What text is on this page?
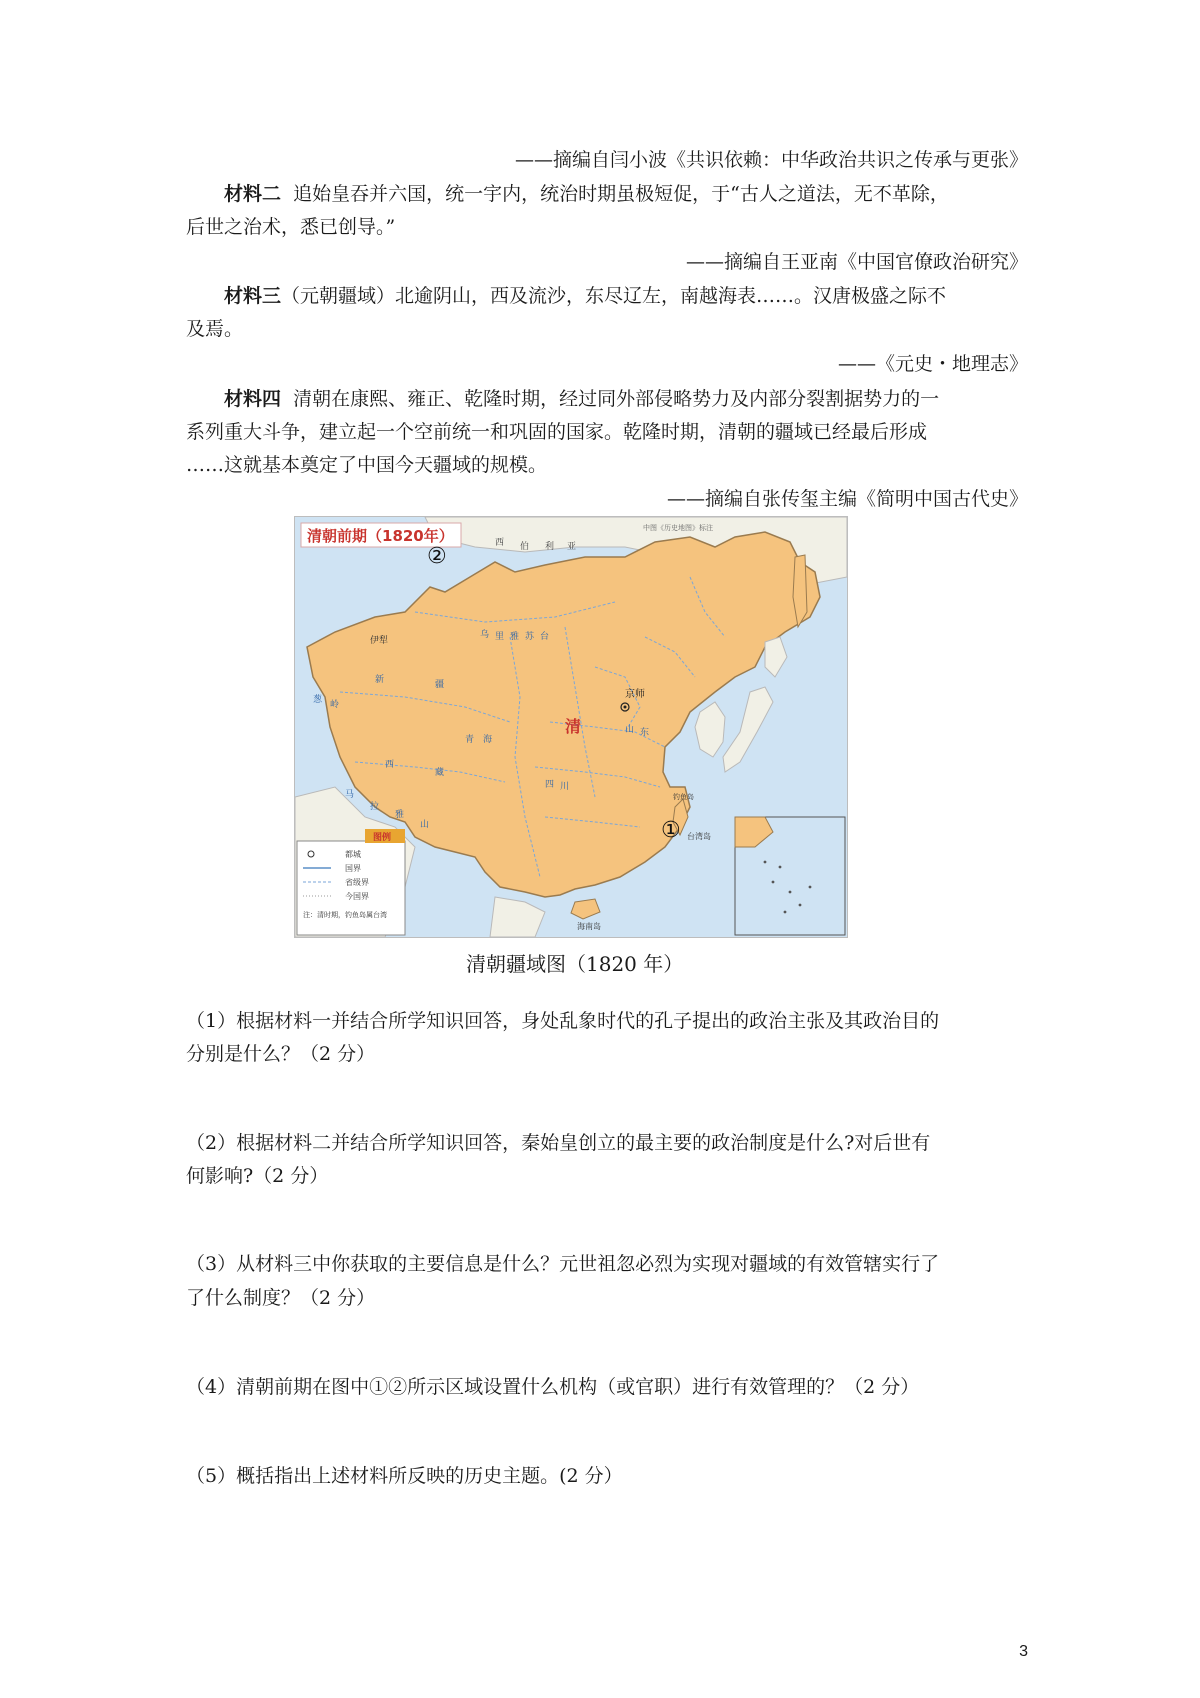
——摘编自闫小波《共识依赖：中华政治共识之传承与更张》
材料二 追始皇吞并六国，统一宇内，统治时期虽极短促，于“古人之道法，无不革除，
后世之治术，悉已创导。”
——摘编自王亚南《中国官僚政治研究》
材料三（元朝疆域）北逾阴山，西及流沙，东尽辽左，南越海表……。汉唐极盛之际不
及焉。
——《元史・地理志》
材料四 清朝在康熙、雍正、乾隆时期，经过同外部侵略势力及内部分裂割据势力的一
系列重大斗争，建立起一个空前统一和巩固的国家。乾隆时期，清朝的疆域已经最后形成
……这就基本奠定了中国今天疆域的规模。
——摘编自张传玺主编《简明中国古代史》
清朝前期（1820年）	中图《历史地图》标注
西 伯 利 亚
乌 里 雅 苏 台
伊犁
新	疆
葱 岭
青 海
西
藏
马
拉
雅
山
京师
清
四 川
山 东
台湾岛
海南岛
钓鱼岛
②
①
图例
都城
国界
省级界
今国界
注：清时期，钓鱼岛属台湾
清朝疆域图（1820 年）
（1）根据材料一并结合所学知识回答，身处乱象时代的孔子提出的政治主张及其政治目的
分别是什么？（2 分）
（2）根据材料二并结合所学知识回答，秦始皇创立的最主要的政治制度是什么?对后世有
何影响?（2 分）
（3）从材料三中你获取的主要信息是什么？元世祖忽必烈为实现对疆域的有效管辖实行了
了什么制度？（2 分）
（4）清朝前期在图中①②所示区域设置什么机构（或官职）进行有效管理的？（2 分）
（5）概括指出上述材料所反映的历史主题。(2 分）
3
